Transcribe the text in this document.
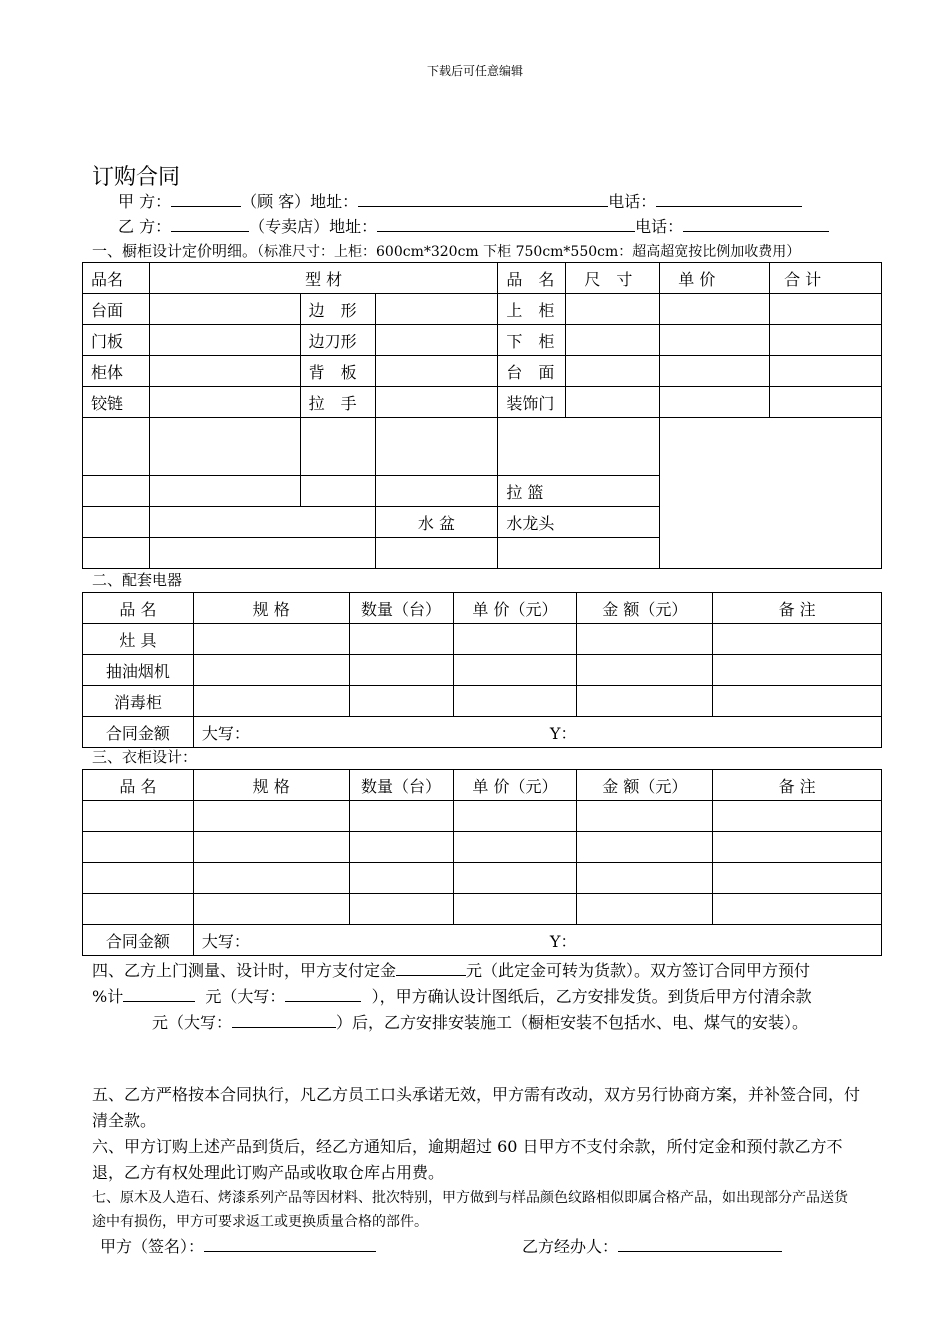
下载后可任意编辑
订购合同
甲 方：	（顾 客）地址：	电话：
乙 方：	（专卖店）地址：	电话：
一、橱柜设计定价明细。（标准尺寸：上柜：600cm*320cm 下柜 750cm*550cm：超高超宽按比例加收费用）
品名	型 材			品　名	尺　寸	单 价	合 计
台面		边　形		上　柜			
门板		边刀形		下　柜			
柜体		背　板		台　面			
铰链		拉　手		装饰门			

				拉 篮			
			水 盆	水龙头			

二、配套电器
品 名	规 格	数量（台）	单 价（元）	金 额（元）	备 注
灶 具					
抽油烟机					
消毒柜					
合同金额	大写： Y：				
三、衣柜设计：
品 名	规 格	数量（台）	单 价（元）	金 额（元）	备 注

合同金额	大写： Y：				
四、乙方上门测量、设计时，甲方支付定金	元（此定金可转为货款）。双方签订合同甲方预付
%计	元（大写：	），甲方确认设计图纸后，乙方安排发货。到货后甲方付清余款元（大写：	）后，乙方安排安装施工（橱柜安装不包括水、电、煤气的安装）。
五、乙方严格按本合同执行，凡乙方员工口头承诺无效，甲方需有改动，双方另行协商方案，并补签合同，付清全款。
六、甲方订购上述产品到货后，经乙方通知后，逾期超过 60 日甲方不支付余款，所付定金和预付款乙方不退，乙方有权处理此订购产品或收取仓库占用费。
七、原木及人造石、烤漆系列产品等因材料、批次特别，甲方做到与样品颜色纹路相似即属合格产品，如出现部分产品送货途中有损伤，甲方可要求返工或更换质量合格的部件。
甲方（签名）：	乙方经办人：
